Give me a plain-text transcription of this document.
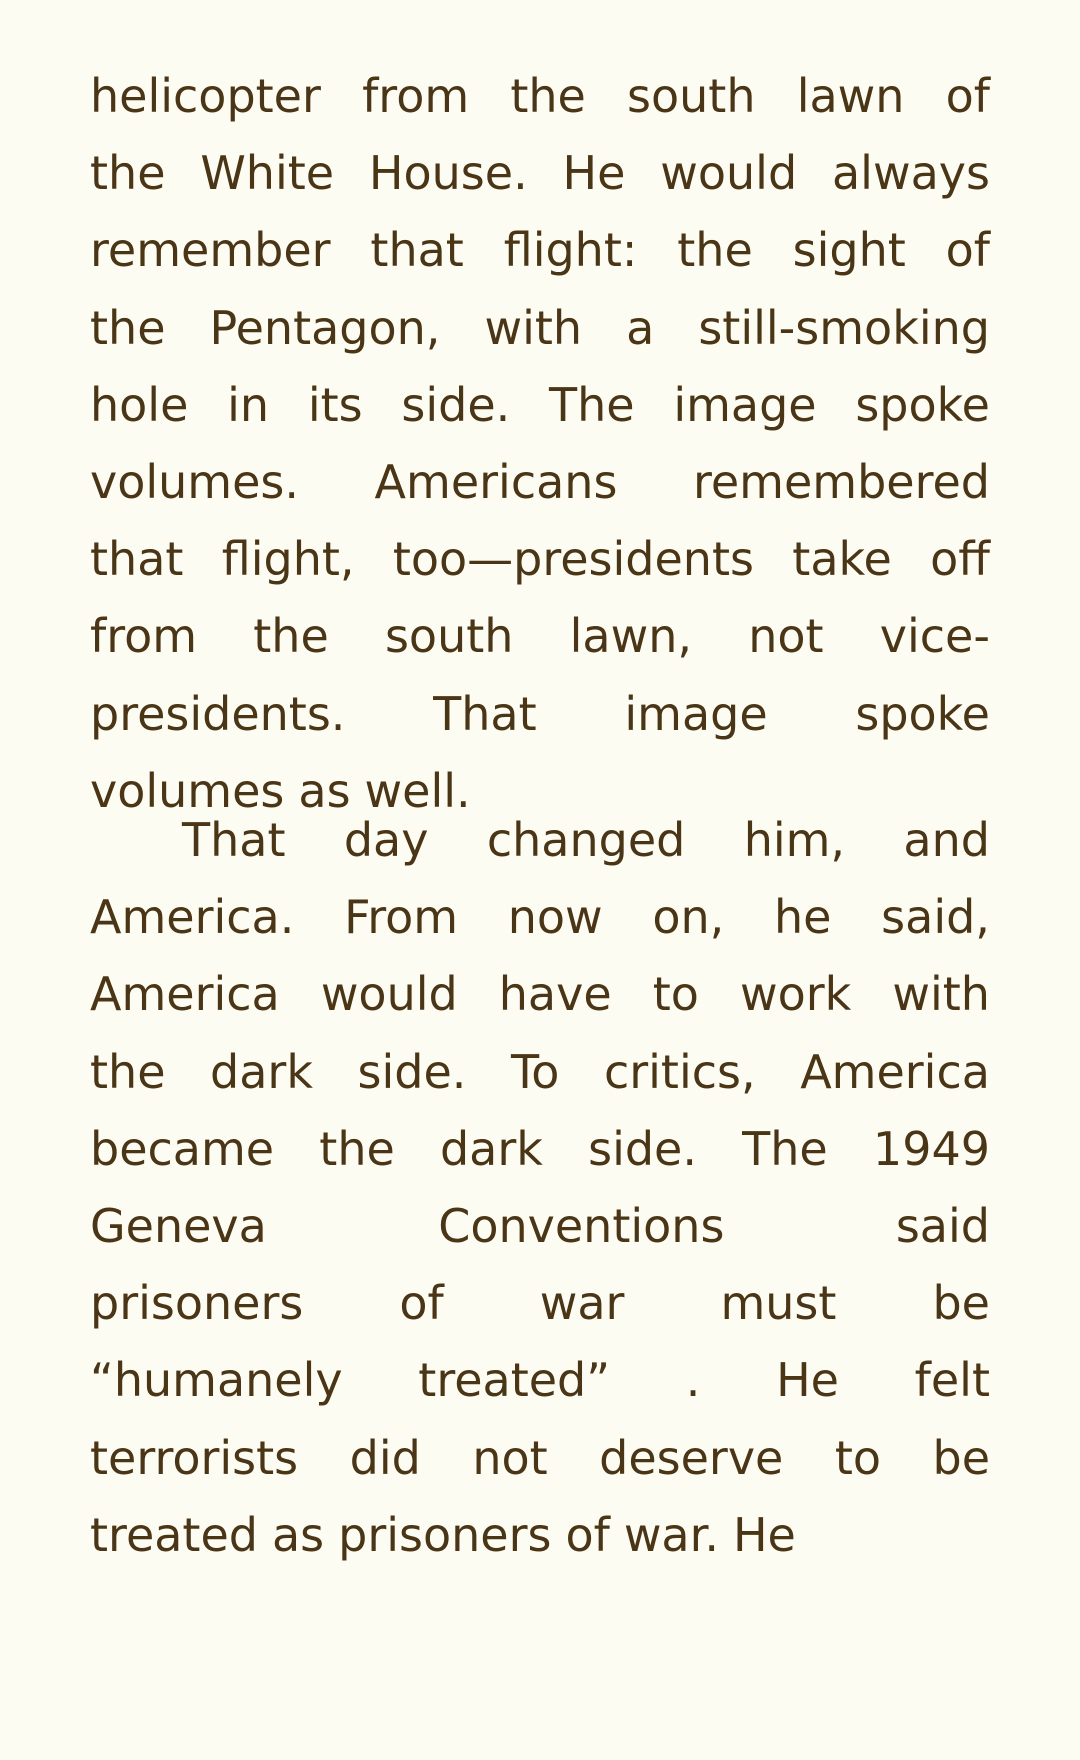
helicopter from the south lawn of
the White House. He would always
remember that flight: the sight of
the Pentagon, with a still-smoking
hole in its side. The image spoke
volumes. Americans remembered
that flight, too—presidents take off
from the south lawn, not vice-
presidents. That image spoke
volumes as well.
That day changed him, and
America. From now on, he said,
America would have to work with
the dark side. To critics, America
became the dark side. The 1949
Geneva	Conventions	said
prisoners of war must be
“humanely treated” . He felt
terrorists did not deserve to be
treated as prisoners of war. He
